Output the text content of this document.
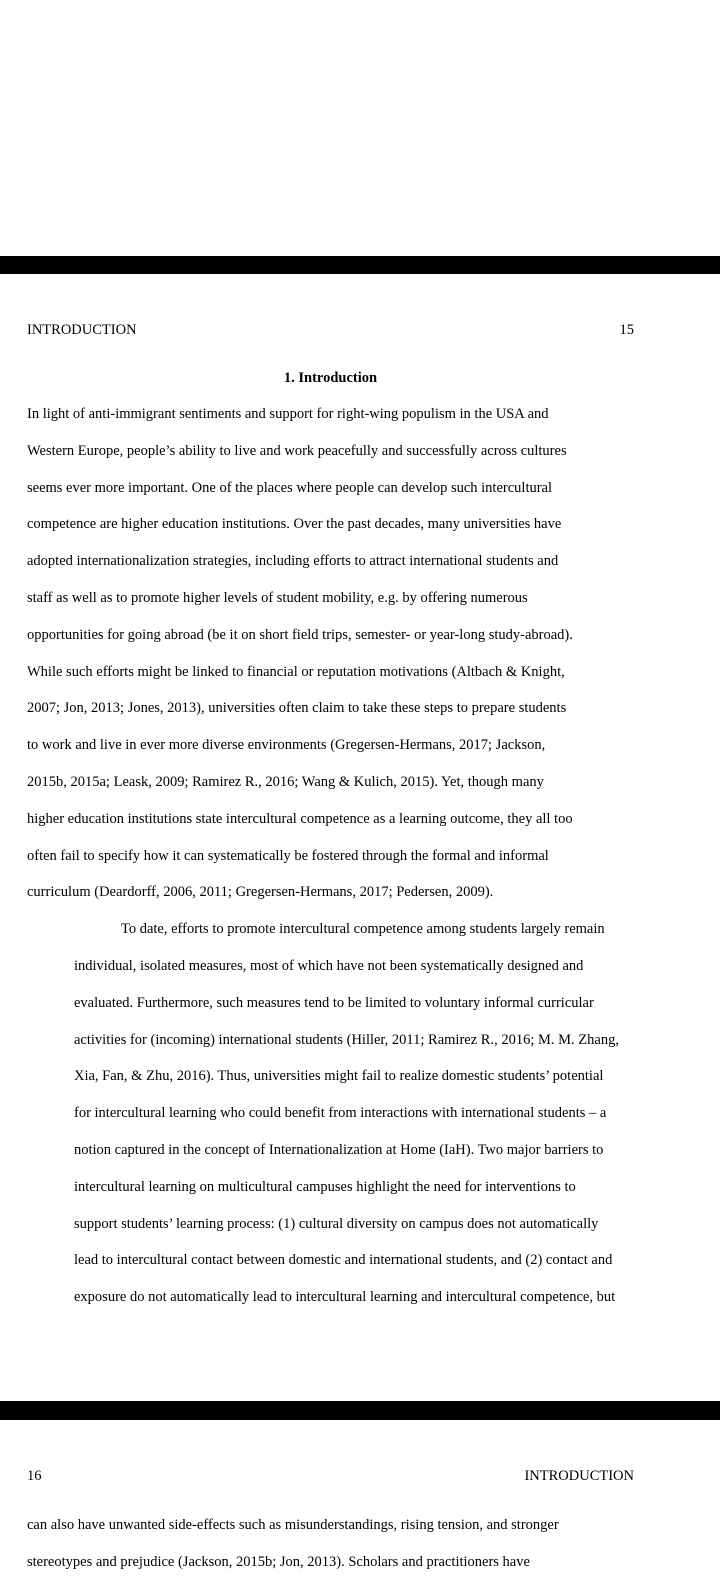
INTRODUCTION	15
1. Introduction

In light of anti-immigrant sentiments and support for right-wing populism in the USA and
Western Europe, people’s ability to live and work peacefully and successfully across cultures
seems ever more important. One of the places where people can develop such intercultural
competence are higher education institutions. Over the past decades, many universities have
adopted internationalization strategies, including efforts to attract international students and
staff as well as to promote higher levels of student mobility, e.g. by offering numerous
opportunities for going abroad (be it on short field trips, semester- or year-long study-abroad).
While such efforts might be linked to financial or reputation motivations (Altbach & Knight,
2007; Jon, 2013; Jones, 2013), universities often claim to take these steps to prepare students
to work and live in ever more diverse environments (Gregersen-Hermans, 2017; Jackson,
2015b, 2015a; Leask, 2009; Ramirez R., 2016; Wang & Kulich, 2015). Yet, though many
higher education institutions state intercultural competence as a learning outcome, they all too
often fail to specify how it can systematically be fostered through the formal and informal
curriculum (Deardorff, 2006, 2011; Gregersen-Hermans, 2017; Pedersen, 2009).

To date, efforts to promote intercultural competence among students largely remain
individual, isolated measures, most of which have not been systematically designed and
evaluated. Furthermore, such measures tend to be limited to voluntary informal curricular
activities for (incoming) international students (Hiller, 2011; Ramirez R., 2016; M. M. Zhang,
Xia, Fan, & Zhu, 2016). Thus, universities might fail to realize domestic students’ potential
for intercultural learning who could benefit from interactions with international students – a
notion captured in the concept of Internationalization at Home (IaH). Two major barriers to
intercultural learning on multicultural campuses highlight the need for interventions to
support students’ learning process: (1) cultural diversity on campus does not automatically
lead to intercultural contact between domestic and international students, and (2) contact and
exposure do not automatically lead to intercultural learning and intercultural competence, but

16	INTRODUCTION

can also have unwanted side-effects such as misunderstandings, rising tension, and stronger
stereotypes and prejudice (Jackson, 2015b; Jon, 2013). Scholars and practitioners have
